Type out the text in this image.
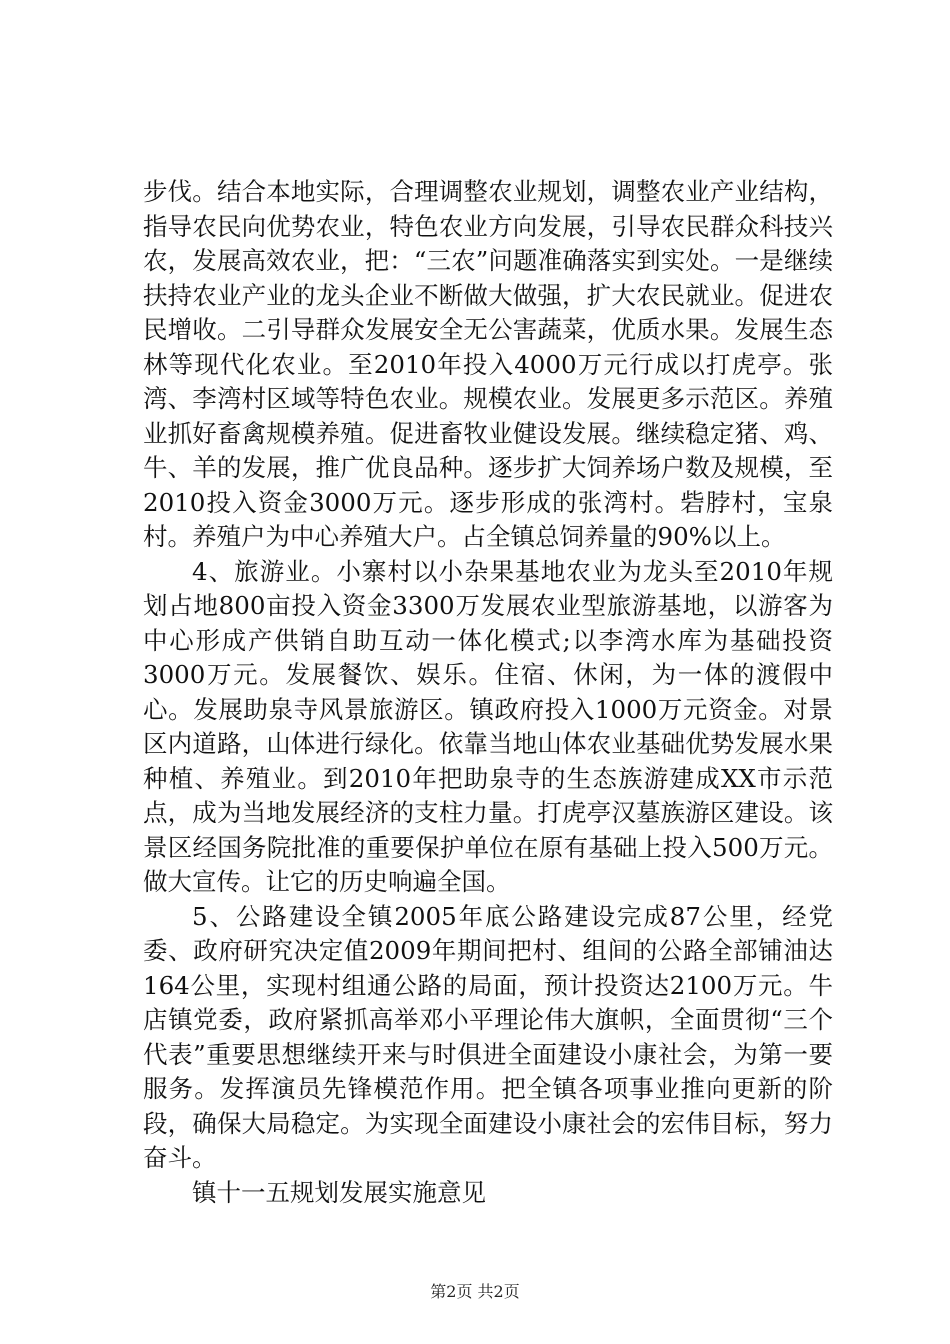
步伐。结合本地实际，合理调整农业规划，调整农业产业结构，指导农民向优势农业，特色农业方向发展，引导农民群众科技兴农，发展高效农业，把：“三农”问题准确落实到实处。一是继续扶持农业产业的龙头企业不断做大做强，扩大农民就业。促进农民增收。二引导群众发展安全无公害蔬菜，优质水果。发展生态林等现代化农业。至2010年投入4000万元行成以打虎亭。张湾、李湾村区域等特色农业。规模农业。发展更多示范区。养殖业抓好畜禽规模养殖。促进畜牧业健设发展。继续稳定猪、鸡、牛、羊的发展，推广优良品种。逐步扩大饲养场户数及规模，至2010投入资金3000万元。逐步形成的张湾村。砦脖村，宝泉村。养殖户为中心养殖大户。占全镇总饲养量的90%以上。

4、旅游业。小寨村以小杂果基地农业为龙头至2010年规划占地800亩投入资金3300万发展农业型旅游基地，以游客为中心形成产供销自助互动一体化模式;以李湾水库为基础投资3000万元。发展餐饮、娱乐。住宿、休闲，为一体的渡假中心。发展助泉寺风景旅游区。镇政府投入1000万元资金。对景区内道路，山体进行绿化。依靠当地山体农业基础优势发展水果种植、养殖业。到2010年把助泉寺的生态族游建成XX市示范点，成为当地发展经济的支柱力量。打虎亭汉墓族游区建设。该景区经国务院批准的重要保护单位在原有基础上投入500万元。做大宣传。让它的历史响遍全国。

5、公路建设全镇2005年底公路建设完成87公里，经党委、政府研究决定值2009年期间把村、组间的公路全部铺油达164公里，实现村组通公路的局面，预计投资达2100万元。牛店镇党委，政府紧抓高举邓小平理论伟大旗帜，全面贯彻“三个代表”重要思想继续开来与时俱进全面建设小康社会，为第一要服务。发挥演员先锋模范作用。把全镇各项事业推向更新的阶段，确保大局稳定。为实现全面建设小康社会的宏伟目标，努力奋斗。

镇十一五规划发展实施意见

第2页 共2页
